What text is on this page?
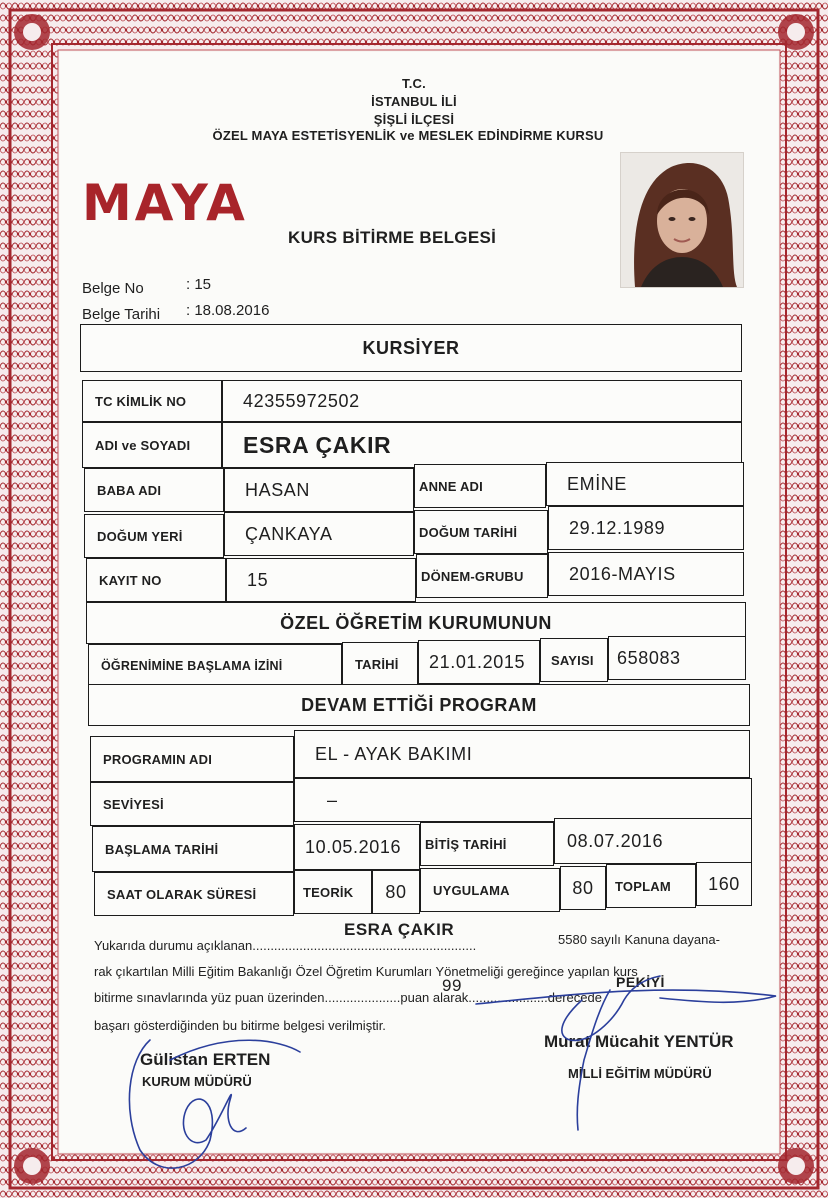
T.C.
İSTANBUL İLİ
ŞİŞLİ İLÇESİ
ÖZEL MAYA ESTETİSYENLİK ve MESLEK EDİNDİRME KURSU
MAYA
KURS BİTİRME BELGESİ
Belge No	: 15
Belge Tarihi : 18.08.2016
KURSİYER
TC KİMLİK NO	42355972502
ADI ve SOYADI	ESRA ÇAKIR
BABA ADI	HASAN	ANNE ADI	EMİNE
DOĞUM YERİ	ÇANKAYA	DOĞUM TARİHİ	29.12.1989
KAYIT NO	15	DÖNEM-GRUBU	2016-MAYIS
ÖZEL ÖĞRETİM KURUMUNUN
ÖĞRENİMİNE BAŞLAMA İZİNİ	TARİHİ	21.01.2015	SAYISI	658083
DEVAM ETTİĞİ PROGRAM
PROGRAMIN ADI	EL - AYAK BAKIMI
SEVİYESİ	–
BAŞLAMA TARİHİ	10.05.2016	BİTİŞ TARİHİ	08.07.2016
SAAT OLARAK SÜRESİ	TEORİK	80	UYGULAMA	80	TOPLAM	160
Yukarıda durumu açıklanan..............................................................	5580 sayılı Kanuna dayana-
rak çıkartılan Milli Eğitim Bakanlığı Özel Öğretim Kurumları Yönetmeliği gereğince yapılan kurs
bitirme sınavlarında yüz puan üzerinden.....................puan alarak......................derecede
başarı gösterdiğinden bu bitirme belgesi verilmiştir.
ESRA ÇAKIR
99	PEKİYİ
Gülistan ERTEN
KURUM MÜDÜRÜ
Murat Mücahit YENTÜR
MİLLİ EĞİTİM MÜDÜRÜ
